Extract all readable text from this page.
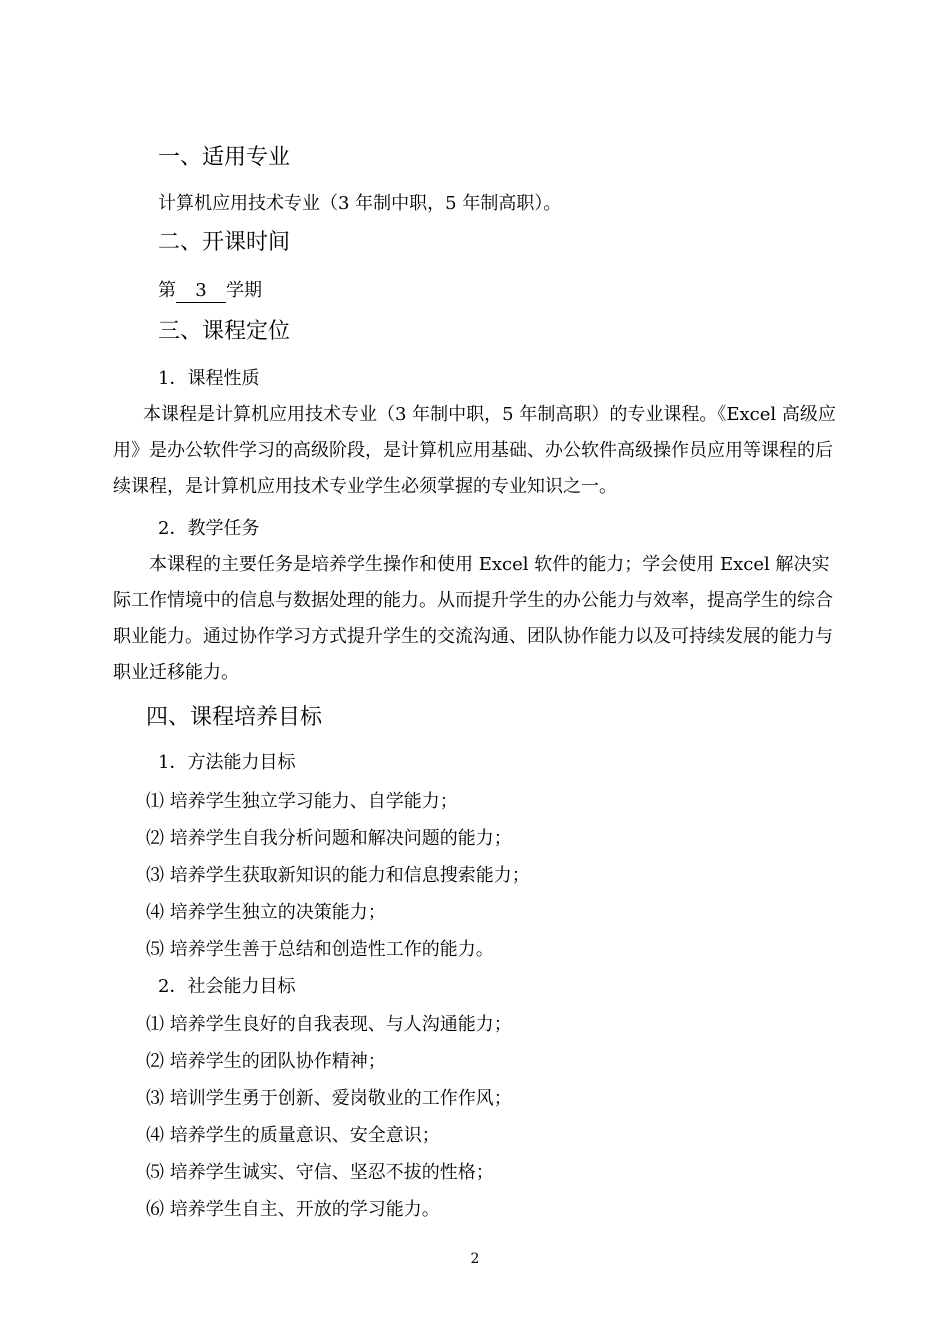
一、适用专业
计算机应用技术专业（3 年制中职，5 年制高职）。
二、开课时间
第 3 学期
三、课程定位
1．课程性质
本课程是计算机应用技术专业（3 年制中职，5 年制高职）的专业课程。《Excel 高级应用》是办公软件学习的高级阶段，是计算机应用基础、办公软件高级操作员应用等课程的后续课程，是计算机应用技术专业学生必须掌握的专业知识之一。
2．教学任务
本课程的主要任务是培养学生操作和使用 Excel 软件的能力；学会使用 Excel 解决实际工作情境中的信息与数据处理的能力。从而提升学生的办公能力与效率，提高学生的综合职业能力。通过协作学习方式提升学生的交流沟通、团队协作能力以及可持续发展的能力与职业迁移能力。
四、课程培养目标
1．方法能力目标
⑴ 培养学生独立学习能力、自学能力；
⑵ 培养学生自我分析问题和解决问题的能力；
⑶ 培养学生获取新知识的能力和信息搜索能力；
⑷ 培养学生独立的决策能力；
⑸ 培养学生善于总结和创造性工作的能力。
2．社会能力目标
⑴ 培养学生良好的自我表现、与人沟通能力；
⑵ 培养学生的团队协作精神；
⑶ 培训学生勇于创新、爱岗敬业的工作作风；
⑷ 培养学生的质量意识、安全意识；
⑸ 培养学生诚实、守信、坚忍不拔的性格；
⑹ 培养学生自主、开放的学习能力。
2
